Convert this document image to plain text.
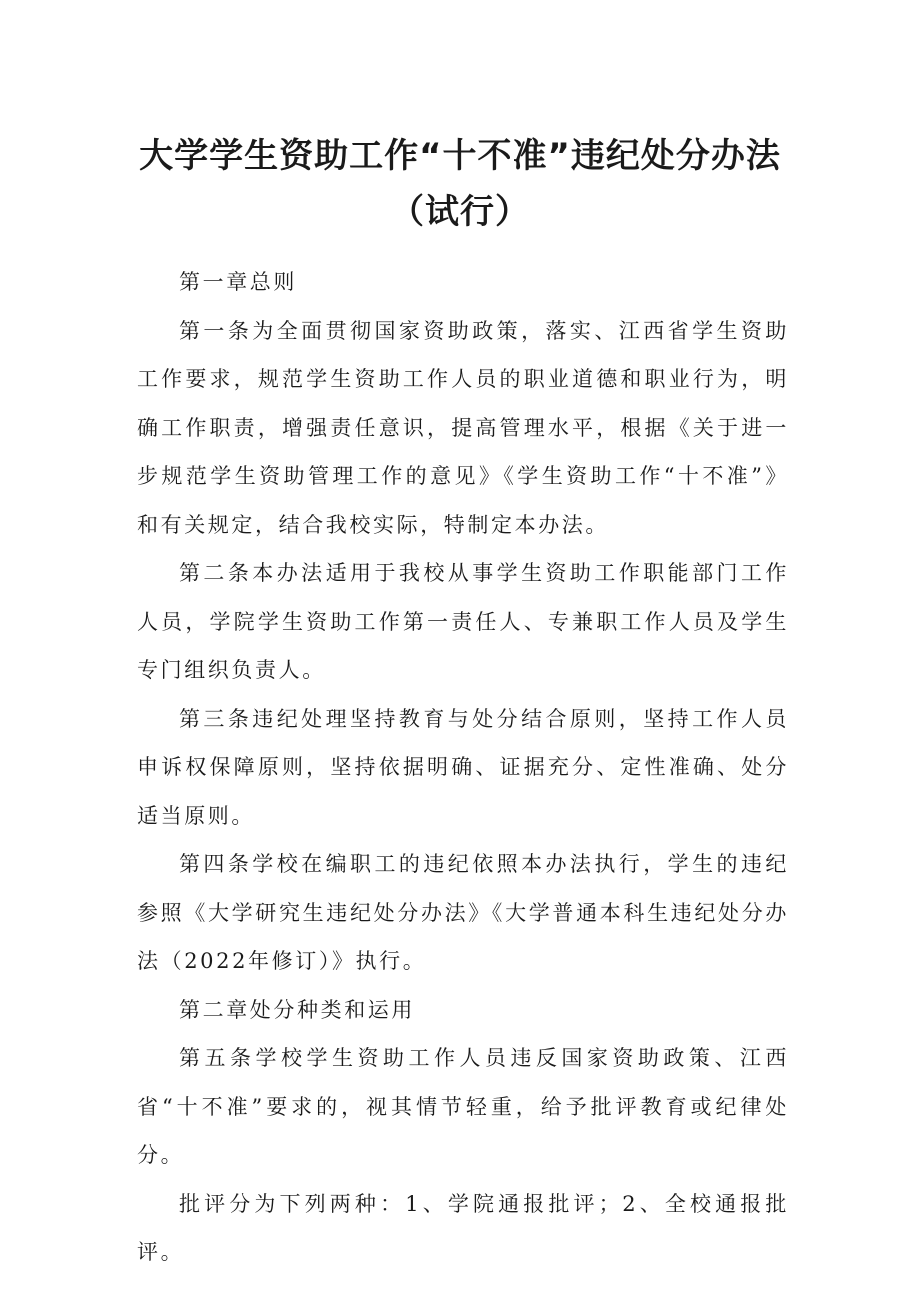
大学学生资助工作“十不准”违纪处分办法（试行）

第一章总则

第一条为全面贯彻国家资助政策，落实、江西省学生资助工作要求，规范学生资助工作人员的职业道德和职业行为，明确工作职责，增强责任意识，提高管理水平，根据《关于进一步规范学生资助管理工作的意见》《学生资助工作“十不准”》和有关规定，结合我校实际，特制定本办法。

第二条本办法适用于我校从事学生资助工作职能部门工作人员，学院学生资助工作第一责任人、专兼职工作人员及学生专门组织负责人。

第三条违纪处理坚持教育与处分结合原则，坚持工作人员申诉权保障原则，坚持依据明确、证据充分、定性准确、处分适当原则。

第四条学校在编职工的违纪依照本办法执行，学生的违纪参照《大学研究生违纪处分办法》《大学普通本科生违纪处分办法（2022年修订）》执行。

第二章处分种类和运用

第五条学校学生资助工作人员违反国家资助政策、江西省“十不准”要求的，视其情节轻重，给予批评教育或纪律处分。

批评分为下列两种：1、学院通报批评；2、全校通报批评。
